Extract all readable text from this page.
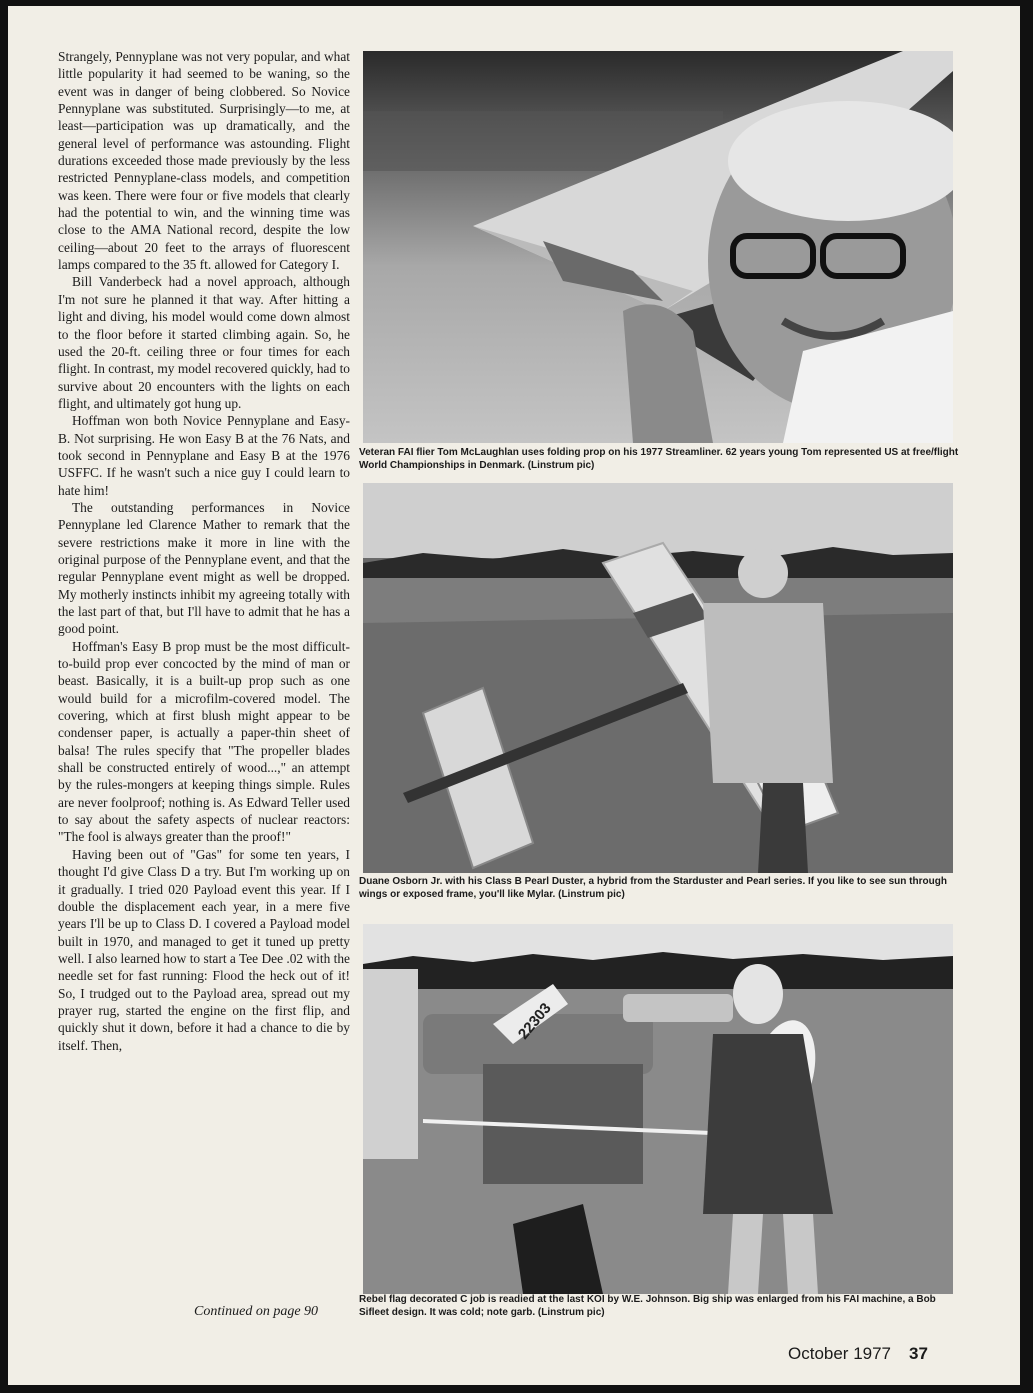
Strangely, Pennyplane was not very popular, and what little popularity it had seemed to be waning, so the event was in danger of being clobbered. So Novice Pennyplane was substituted. Surprisingly—to me, at least—participation was up dramatically, and the general level of performance was astounding. Flight durations exceeded those made previously by the less restricted Pennyplane-class models, and competition was keen. There were four or five models that clearly had the potential to win, and the winning time was close to the AMA National record, despite the low ceiling—about 20 feet to the arrays of fluorescent lamps compared to the 35 ft. allowed for Category I.

Bill Vanderbeck had a novel approach, although I'm not sure he planned it that way. After hitting a light and diving, his model would come down almost to the floor before it started climbing again. So, he used the 20-ft. ceiling three or four times for each flight. In contrast, my model recovered quickly, had to survive about 20 encounters with the lights on each flight, and ultimately got hung up.

Hoffman won both Novice Pennyplane and Easy-B. Not surprising. He won Easy B at the 76 Nats, and took second in Pennyplane and Easy B at the 1976 USFFC. If he wasn't such a nice guy I could learn to hate him!

The outstanding performances in Novice Pennyplane led Clarence Mather to remark that the severe restrictions make it more in line with the original purpose of the Pennyplane event, and that the regular Pennyplane event might as well be dropped. My motherly instincts inhibit my agreeing totally with the last part of that, but I'll have to admit that he has a good point.

Hoffman's Easy B prop must be the most difficult-to-build prop ever concocted by the mind of man or beast. Basically, it is a built-up prop such as one would build for a microfilm-covered model. The covering, which at first blush might appear to be condenser paper, is actually a paper-thin sheet of balsa! The rules specify that "The propeller blades shall be constructed entirely of wood...," an attempt by the rules-mongers at keeping things simple. Rules are never foolproof; nothing is. As Edward Teller used to say about the safety aspects of nuclear reactors: "The fool is always greater than the proof!"

Having been out of "Gas" for some ten years, I thought I'd give Class D a try. But I'm working up on it gradually. I tried 020 Payload event this year. If I double the displacement each year, in a mere five years I'll be up to Class D. I covered a Payload model built in 1970, and managed to get it tuned up pretty well. I also learned how to start a Tee Dee .02 with the needle set for fast running: Flood the heck out of it! So, I trudged out to the Payload area, spread out my prayer rug, started the engine on the first flip, and quickly shut it down, before it had a chance to die by itself. Then,

Continued on page 90
Veteran FAI flier Tom McLaughlan uses folding prop on his 1977 Streamliner. 62 years young Tom represented US at free/flight World Championships in Denmark. (Linstrum pic)
Duane Osborn Jr. with his Class B Pearl Duster, a hybrid from the Starduster and Pearl series. If you like to see sun through wings or exposed frame, you'll like Mylar. (Linstrum pic)
22303
Rebel flag decorated C job is readied at the last KOI by W.E. Johnson. Big ship was enlarged from his FAI machine, a Bob Sifleet design. It was cold; note garb. (Linstrum pic)
October 1977 37
